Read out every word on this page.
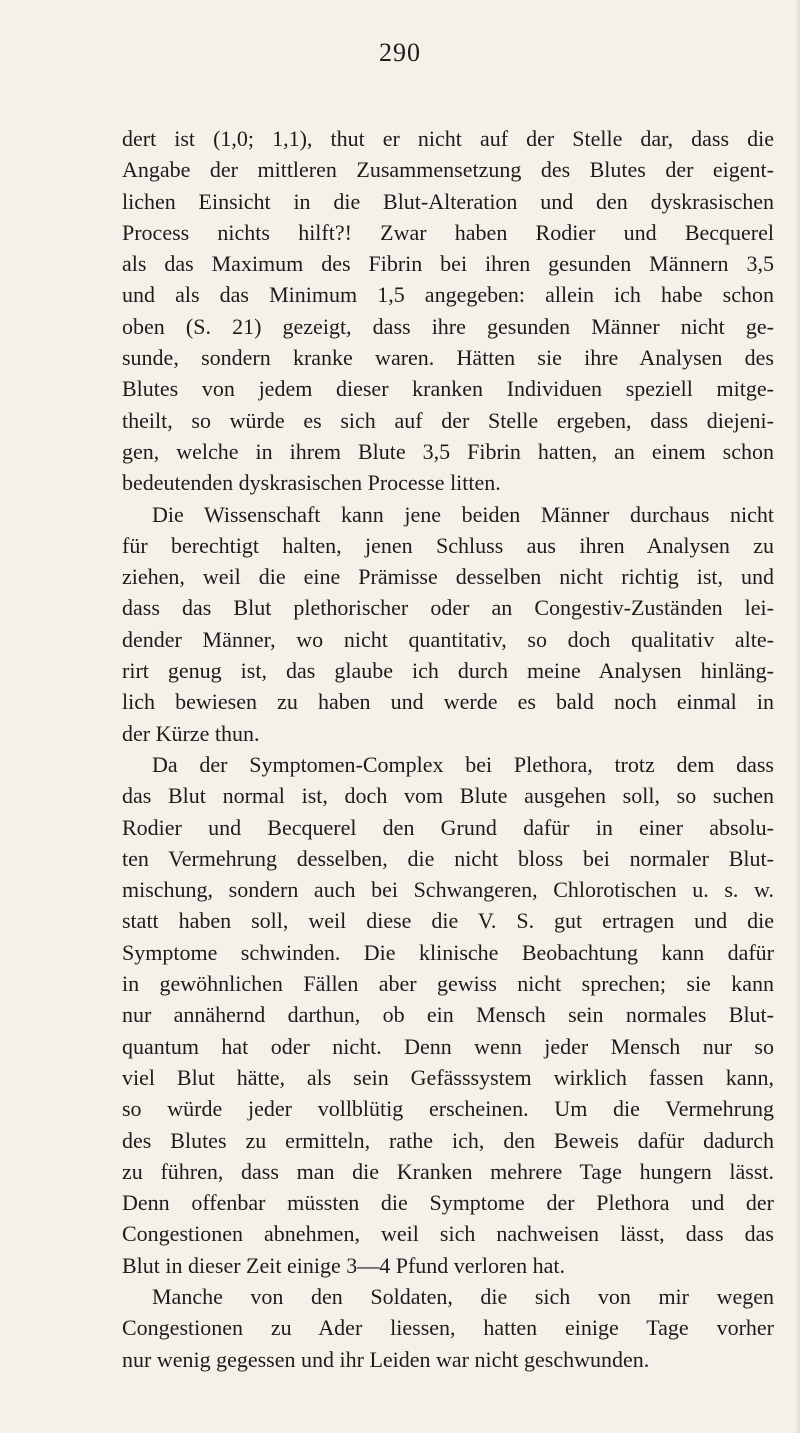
290
dert ist (1,0; 1,1), thut er nicht auf der Stelle dar, dass die
Angabe der mittleren Zusammensetzung des Blutes der eigent-
lichen Einsicht in die Blut-Alteration und den dyskrasischen
Process nichts hilft?! Zwar haben Rodier und Becquerel
als das Maximum des Fibrin bei ihren gesunden Männern 3,5
und als das Minimum 1,5 angegeben: allein ich habe schon
oben (S. 21) gezeigt, dass ihre gesunden Männer nicht ge-
sunde, sondern kranke waren. Hätten sie ihre Analysen des
Blutes von jedem dieser kranken Individuen speziell mitge-
theilt, so würde es sich auf der Stelle ergeben, dass diejeni-
gen, welche in ihrem Blute 3,5 Fibrin hatten, an einem schon
bedeutenden dyskrasischen Processe litten.
Die Wissenschaft kann jene beiden Männer durchaus nicht
für berechtigt halten, jenen Schluss aus ihren Analysen zu
ziehen, weil die eine Prämisse desselben nicht richtig ist, und
dass das Blut plethorischer oder an Congestiv-Zuständen lei-
dender Männer, wo nicht quantitativ, so doch qualitativ alte-
rirt genug ist, das glaube ich durch meine Analysen hinläng-
lich bewiesen zu haben und werde es bald noch einmal in
der Kürze thun.
Da der Symptomen-Complex bei Plethora, trotz dem dass
das Blut normal ist, doch vom Blute ausgehen soll, so suchen
Rodier und Becquerel den Grund dafür in einer absolu-
ten Vermehrung desselben, die nicht bloss bei normaler Blut-
mischung, sondern auch bei Schwangeren, Chlorotischen u. s. w.
statt haben soll, weil diese die V. S. gut ertragen und die
Symptome schwinden. Die klinische Beobachtung kann dafür
in gewöhnlichen Fällen aber gewiss nicht sprechen; sie kann
nur annähernd darthun, ob ein Mensch sein normales Blut-
quantum hat oder nicht. Denn wenn jeder Mensch nur so
viel Blut hätte, als sein Gefässsystem wirklich fassen kann,
so würde jeder vollblütig erscheinen. Um die Vermehrung
des Blutes zu ermitteln, rathe ich, den Beweis dafür dadurch
zu führen, dass man die Kranken mehrere Tage hungern lässt.
Denn offenbar müssten die Symptome der Plethora und der
Congestionen abnehmen, weil sich nachweisen lässt, dass das
Blut in dieser Zeit einige 3—4 Pfund verloren hat.
Manche von den Soldaten, die sich von mir wegen
Congestionen zu Ader liessen, hatten einige Tage vorher
nur wenig gegessen und ihr Leiden war nicht geschwunden.
